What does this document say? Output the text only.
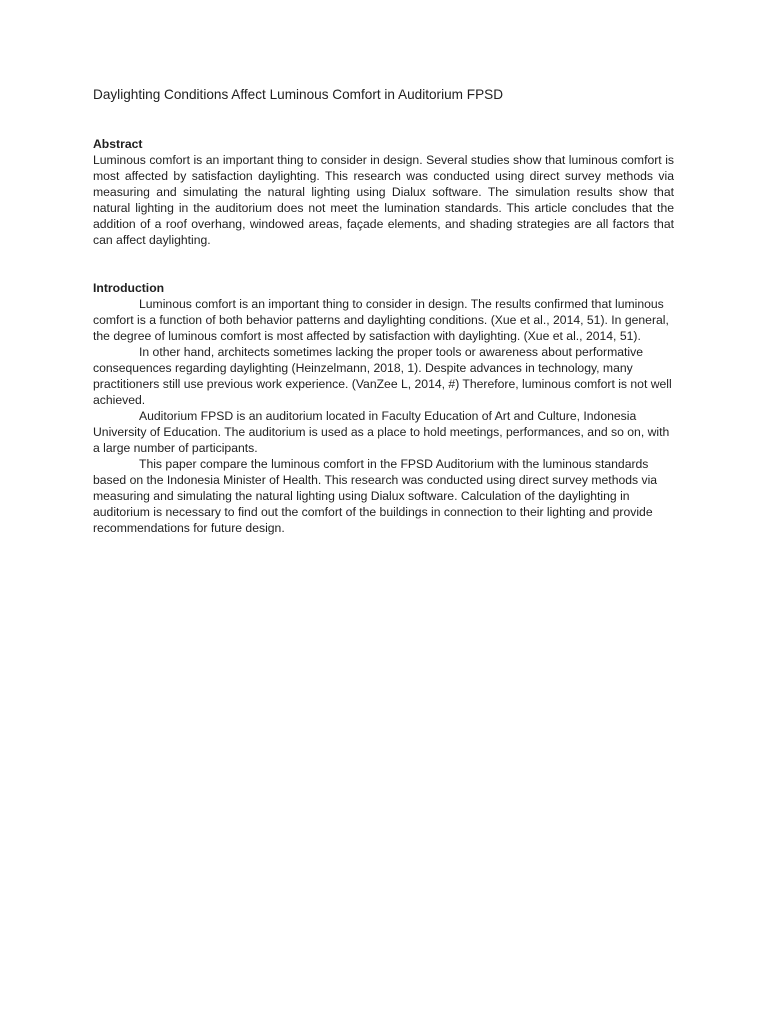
Daylighting Conditions Affect Luminous Comfort in Auditorium FPSD
Abstract

Luminous comfort is an important thing to consider in design. Several studies show that luminous comfort is most affected by satisfaction daylighting. This research was conducted using direct survey methods via measuring and simulating the natural lighting using Dialux software. The simulation results show that natural lighting in the auditorium does not meet the lumination standards. This article concludes that the addition of a roof overhang, windowed areas, façade elements, and shading strategies are all factors that can affect daylighting.

Introduction

Luminous comfort is an important thing to consider in design. The results confirmed that luminous comfort is a function of both behavior patterns and daylighting conditions. (Xue et al., 2014, 51). In general, the degree of luminous comfort is most affected by satisfaction with daylighting. (Xue et al., 2014, 51).

In other hand, architects sometimes lacking the proper tools or awareness about performative consequences regarding daylighting (Heinzelmann, 2018, 1). Despite advances in technology, many practitioners still use previous work experience. (VanZee L, 2014, #) Therefore, luminous comfort is not well achieved.

Auditorium FPSD is an auditorium located in Faculty Education of Art and Culture, Indonesia University of Education. The auditorium is used as a place to hold meetings, performances, and so on, with a large number of participants.

This paper compare the luminous comfort in the FPSD Auditorium with the luminous standards based on the Indonesia Minister of Health. This research was conducted using direct survey methods via measuring and simulating the natural lighting using Dialux software. Calculation of the daylighting in auditorium is necessary to find out the comfort of the buildings in connection to their lighting and provide recommendations for future design.
